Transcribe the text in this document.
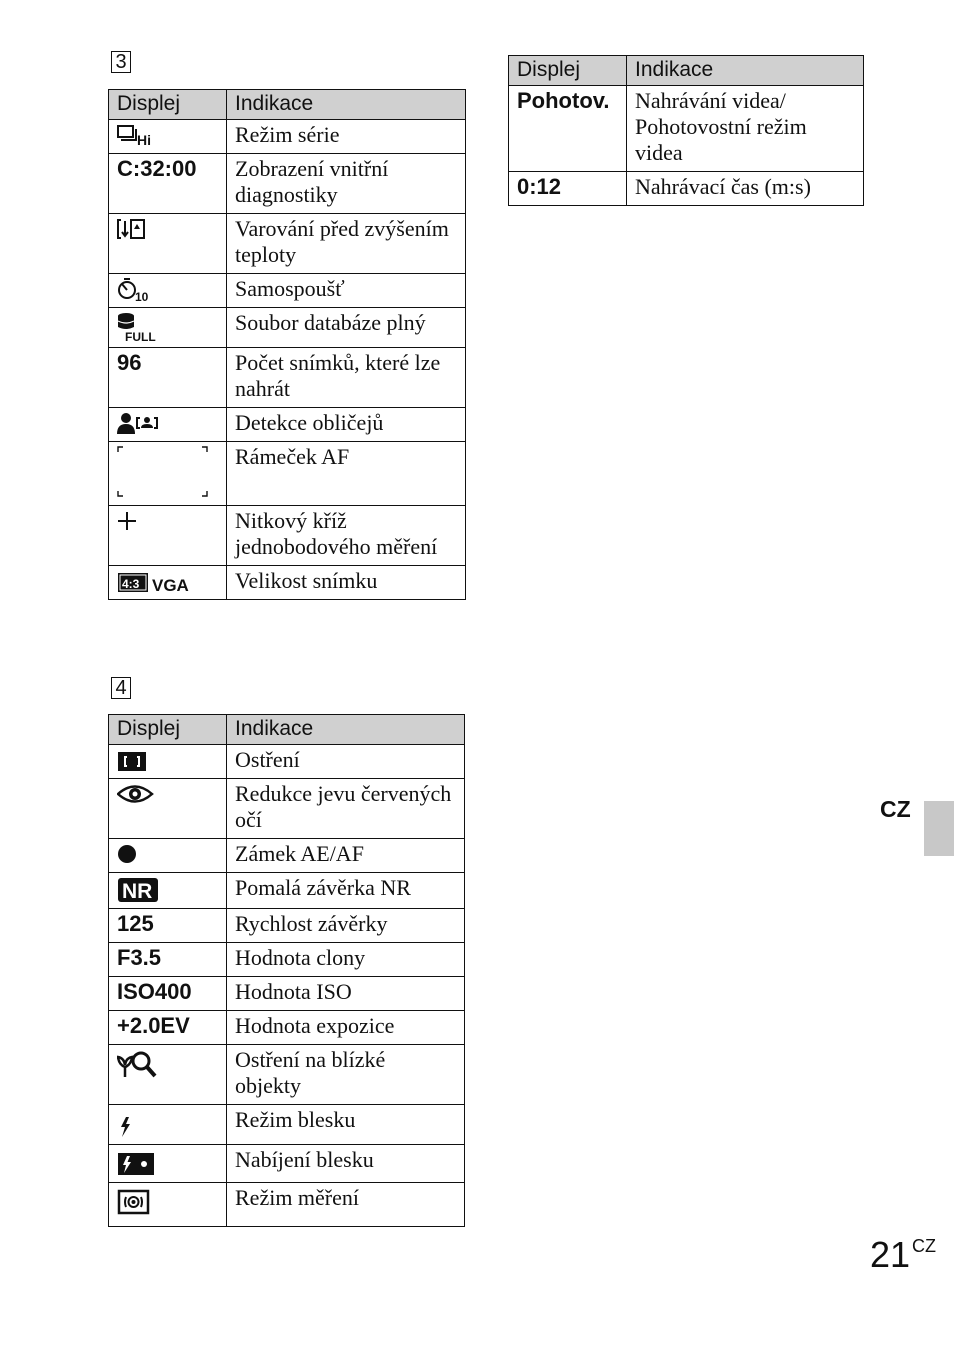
3
Displej	Indikace

Hi	Režim série
C:32:00	Zobrazení vnitřní diagnostiky

	Varování před zvýšením teploty

10	Samospoušť

FULL	Soubor databáze plný
96	Počet snímků, které lze nahrát

	Detekce obličejů

	Rámeček AF

	Nitkový kříž jednobodového měření

4:3 VGA	Velikost snímku
4
Displej	Indikace

	Ostření

	Redukce jevu červených očí

	Zámek AE/AF

NR	Pomalá závěrka NR
125	Rychlost závěrky
F3.5	Hodnota clony
ISO400	Hodnota ISO
+2.0EV	Hodnota expozice

	Ostření na blízké objekty

	Režim blesku

	Nabíjení blesku

	Režim měření
Displej	Indikace
Pohotov.	Nahrávání videa/ Pohotovostní režim videa
0:12	Nahrávací čas (m:s)
CZ
21 $^{CZ}$
